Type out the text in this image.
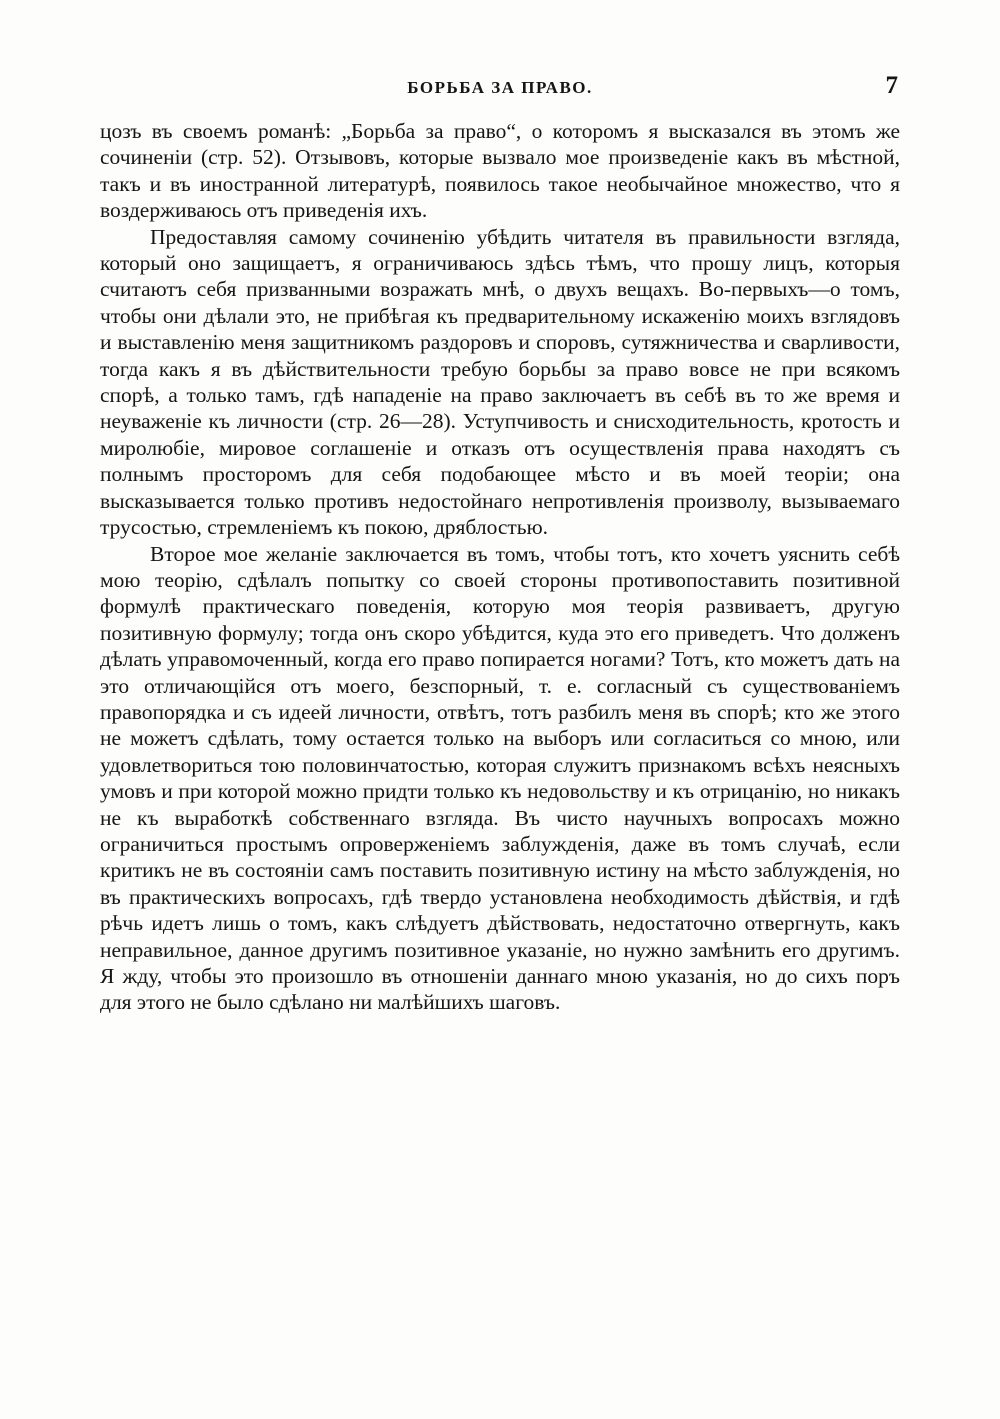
БОРЬБА ЗА ПРАВО.	7

цозъ въ своемъ романѣ: „Борьба за право“, о которомъ я высказался въ этомъ же сочиненіи (стр. 52). Отзывовъ, которые вызвало мое произведеніе какъ въ мѣстной, такъ и въ иностранной литературѣ, появилось такое необычайное множество, что я воздерживаюсь отъ приведенія ихъ.

Предоставляя самому сочиненію убѣдить читателя въ правильности взгляда, который оно защищаетъ, я ограничиваюсь здѣсь тѣмъ, что прошу лицъ, которыя считаютъ себя призванными возражать мнѣ, о двухъ вещахъ. Во-первыхъ—о томъ, чтобы они дѣлали это, не прибѣгая къ предварительному искаженію моихъ взглядовъ и выставленію меня защитникомъ раздоровъ и споровъ, сутяжничества и сварливости, тогда какъ я въ дѣйствительности требую борьбы за право вовсе не при всякомъ спорѣ, а только тамъ, гдѣ нападеніе на право заключаетъ въ себѣ въ то же время и неуваженіе къ личности (стр. 26—28). Уступчивость и снисходительность, кротость и миролюбіе, мировое соглашеніе и отказъ отъ осуществленія права находятъ съ полнымъ просторомъ для себя подобающее мѣсто и въ моей теоріи; она высказывается только противъ недостойнаго непротивленія произволу, вызываемаго трусостью, стремленіемъ къ покою, дряблостью.

Второе мое желаніе заключается въ томъ, чтобы тотъ, кто хочетъ уяснить себѣ мою теорію, сдѣлалъ попытку со своей стороны противопоставить позитивной формулѣ практическаго поведенія, которую моя теорія развиваетъ, другую позитивную формулу; тогда онъ скоро убѣдится, куда это его приведетъ. Что долженъ дѣлать управомоченный, когда его право попирается ногами? Тотъ, кто можетъ дать на это отличающійся отъ моего, безспорный, т. е. согласный съ существованіемъ правопорядка и съ идеей личности, отвѣтъ, тотъ разбилъ меня въ спорѣ; кто же этого не можетъ сдѣлать, тому остается только на выборъ или согласиться со мною, или удовлетвориться тою половинчатостью, которая служитъ признакомъ всѣхъ неясныхъ умовъ и при которой можно придти только къ недовольству и къ отрицанію, но никакъ не къ выработкѣ собственнаго взгляда. Въ чисто научныхъ вопросахъ можно ограничиться простымъ опроверженіемъ заблужденія, даже въ томъ случаѣ, если критикъ не въ состояніи самъ поставить позитивную истину на мѣсто заблужденія, но въ практическихъ вопросахъ, гдѣ твердо установлена необходимость дѣйствія, и гдѣ рѣчь идетъ лишь о томъ, какъ слѣдуетъ дѣйствовать, недостаточно отвергнуть, какъ неправильное, данное другимъ позитивное указаніе, но нужно замѣнить его другимъ. Я жду, чтобы это произошло въ отношеніи даннаго мною указанія, но до сихъ поръ для этого не было сдѣлано ни малѣйшихъ шаговъ.
